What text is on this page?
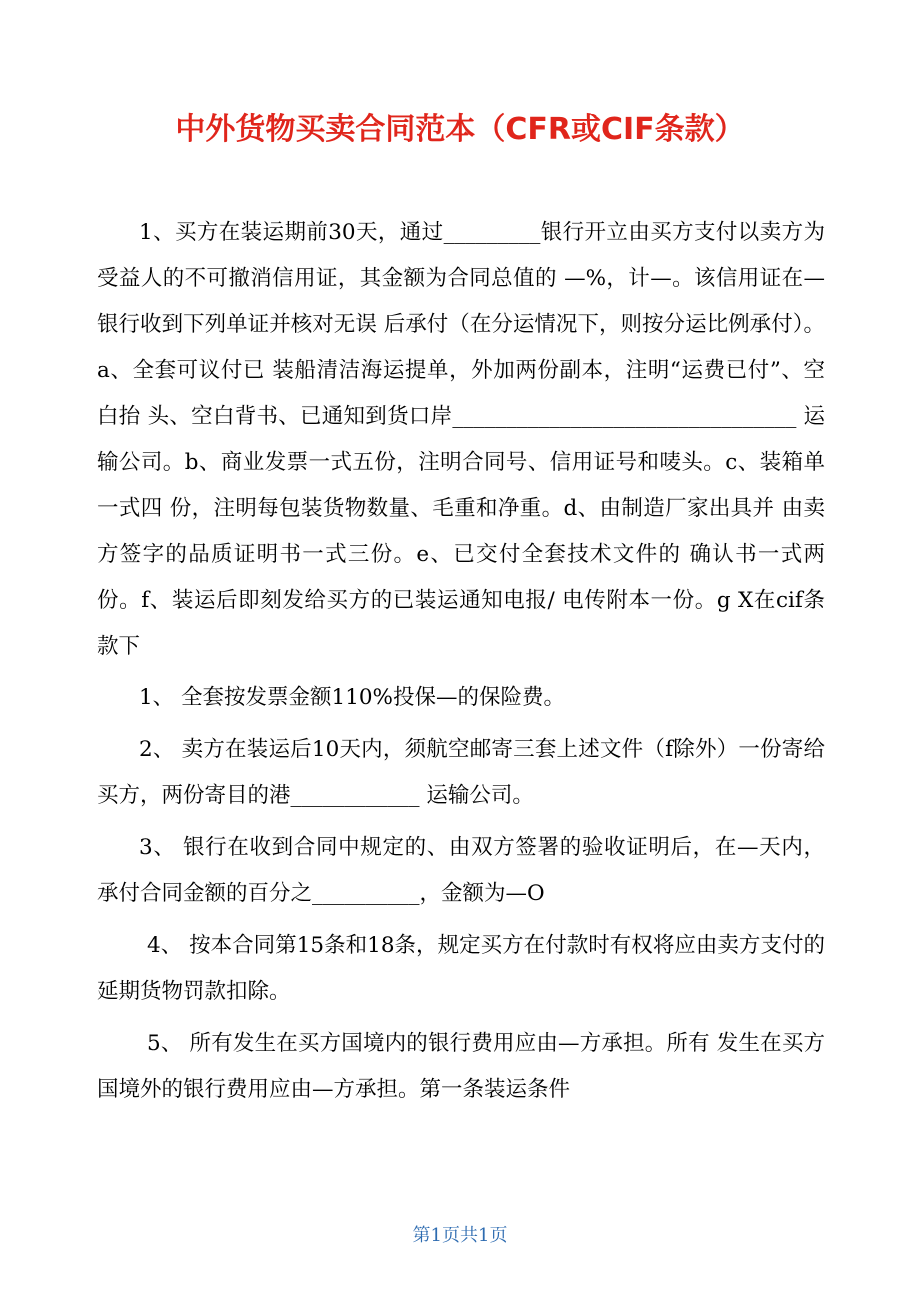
中外货物买卖合同范本（CFR或CIF条款）

1、买方在装运期前30天，通过_________银行开立由买方支付以卖方为受益人的不可撤消信用证，其金额为合同总值的 —%，计—。该信用证在—银行收到下列单证并核对无误 后承付（在分运情况下，则按分运比例承付）。a、全套可议付已 装船清洁海运提单，外加两份副本，注明“运费已付”、空白抬 头、空白背书、已通知到货口岸________________________________ 运输公司。b、商业发票一式五份，注明合同号、信用证号和唛头。c、装箱单一式四 份，注明每包装货物数量、毛重和净重。d、由制造厂家出具并 由卖方签字的品质证明书一式三份。e、已交付全套技术文件的 确认书一式两份。f、装运后即刻发给买方的已装运通知电报/ 电传附本一份。g X在cif条款下

1、 全套按发票金额110%投保—的保险费。

2、 卖方在装运后10天内，须航空邮寄三套上述文件（f除外）一份寄给买方，两份寄目的港____________ 运输公司。

3、 银行在收到合同中规定的、由双方签署的验收证明后，在—天内，承付合同金额的百分之__________，金额为—O

4、 按本合同第15条和18条，规定买方在付款时有权将应由卖方支付的延期货物罚款扣除。

5、 所有发生在买方国境内的银行费用应由—方承担。所有 发生在买方国境外的银行费用应由—方承担。第一条装运条件

第1页共1页
